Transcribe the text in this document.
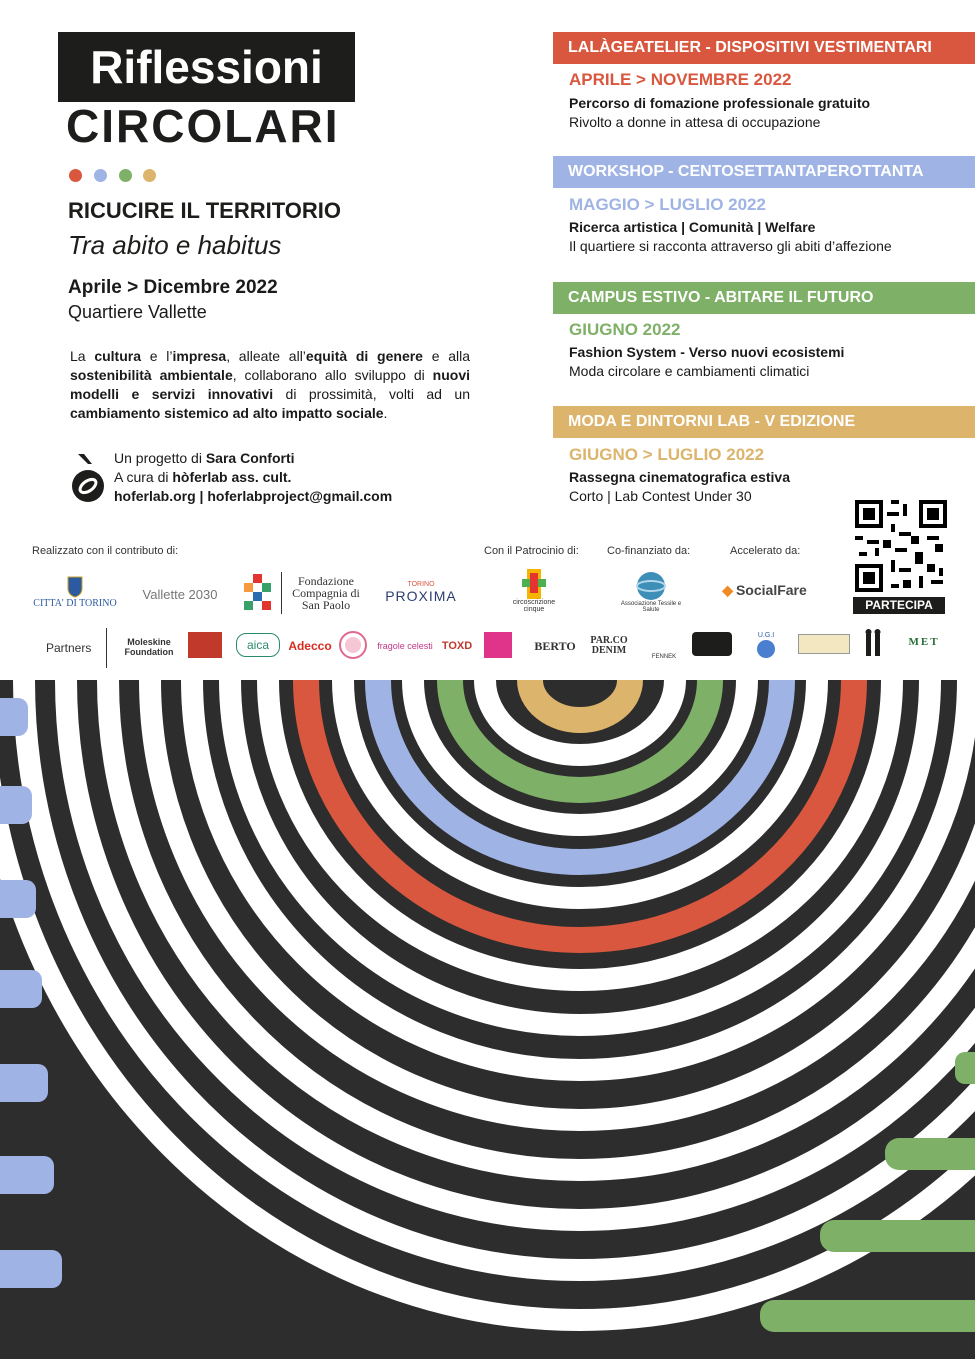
Riflessioni
CIRCOLARI
RICUCIRE IL TERRITORIO
Tra abito e habitus
Aprile > Dicembre 2022
Quartiere Vallette
La cultura e l’impresa, alleate all’equità di genere e alla sostenibilità ambientale, collaborano allo sviluppo di nuovi modelli e servizi innovativi di prossimità, volti ad un cambiamento sistemico ad alto impatto sociale.
Un progetto di Sara Conforti
A cura di hòferlab ass. cult.
hoferlab.org | hoferlabproject@gmail.com
LALÀGEATELIER - DISPOSITIVI VESTIMENTARI
APRILE > NOVEMBRE 2022
Percorso di fomazione professionale gratuito
Rivolto a donne in attesa di occupazione
WORKSHOP - CENTOSETTANTAPEROTTANTA
MAGGIO > LUGLIO 2022
Ricerca artistica | Comunità | Welfare
Il quartiere si racconta attraverso gli abiti d’affezione
CAMPUS ESTIVO - ABITARE IL FUTURO
GIUGNO 2022
Fashion System - Verso nuovi ecosistemi
Moda circolare e cambiamenti climatici
MODA E DINTORNI LAB - V EDIZIONE
GIUGNO > LUGLIO 2022
Rassegna cinematografica estiva
Corto | Lab Contest Under 30
Realizzato con il contributo di:	Con il Patrocinio di:	Co-finanziato da:	Accelerato da:
CITTA' DI TORINO
Vallette 2030
Fondazione Compagnia di San Paolo
TORINO
PROXIMA	circoscrizione cinque
Associazione Tessile e Salute
◆ SocialFare
PARTECIPA
Partners	Moleskine Foundation	aica	Adecco	fragole celesti TOXD	BERTO	PAR.CO DENIM
FENNEK
U.G.I
MET
